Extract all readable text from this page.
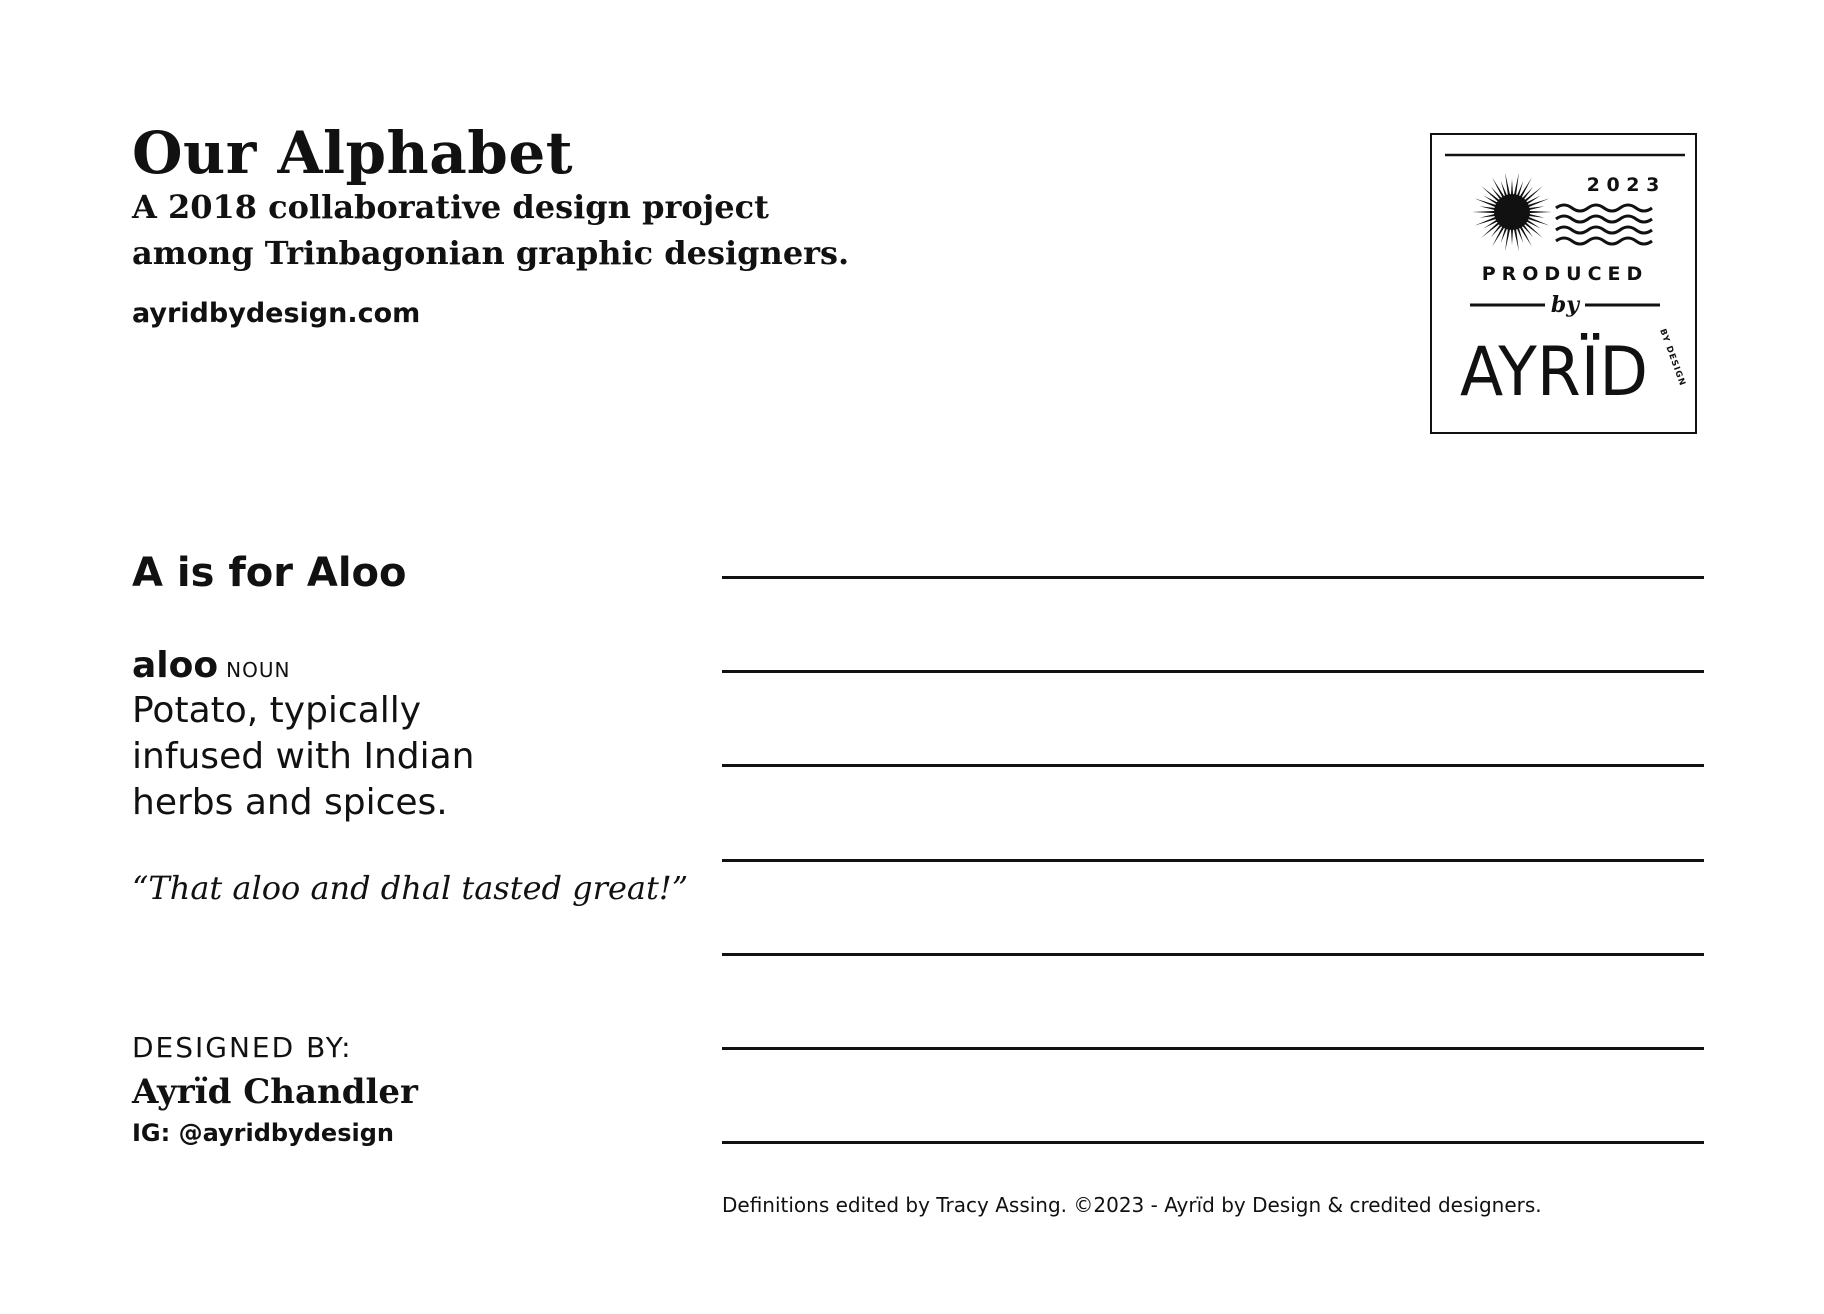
Our Alphabet
A 2018 collaborative design project
among Trinbagonian graphic designers.
ayridbydesign.com
2 0 2 3
PRODUCED
by
AYRÏD BY DESIGN
A is for Aloo
aloo NOUN
Potato, typically
infused with Indian
herbs and spices.
“That aloo and dhal tasted great!”
DESIGNED BY:
Ayrïd Chandler
IG: @ayridbydesign
Definitions edited by Tracy Assing. ©2023 - Ayrïd by Design & credited designers.
